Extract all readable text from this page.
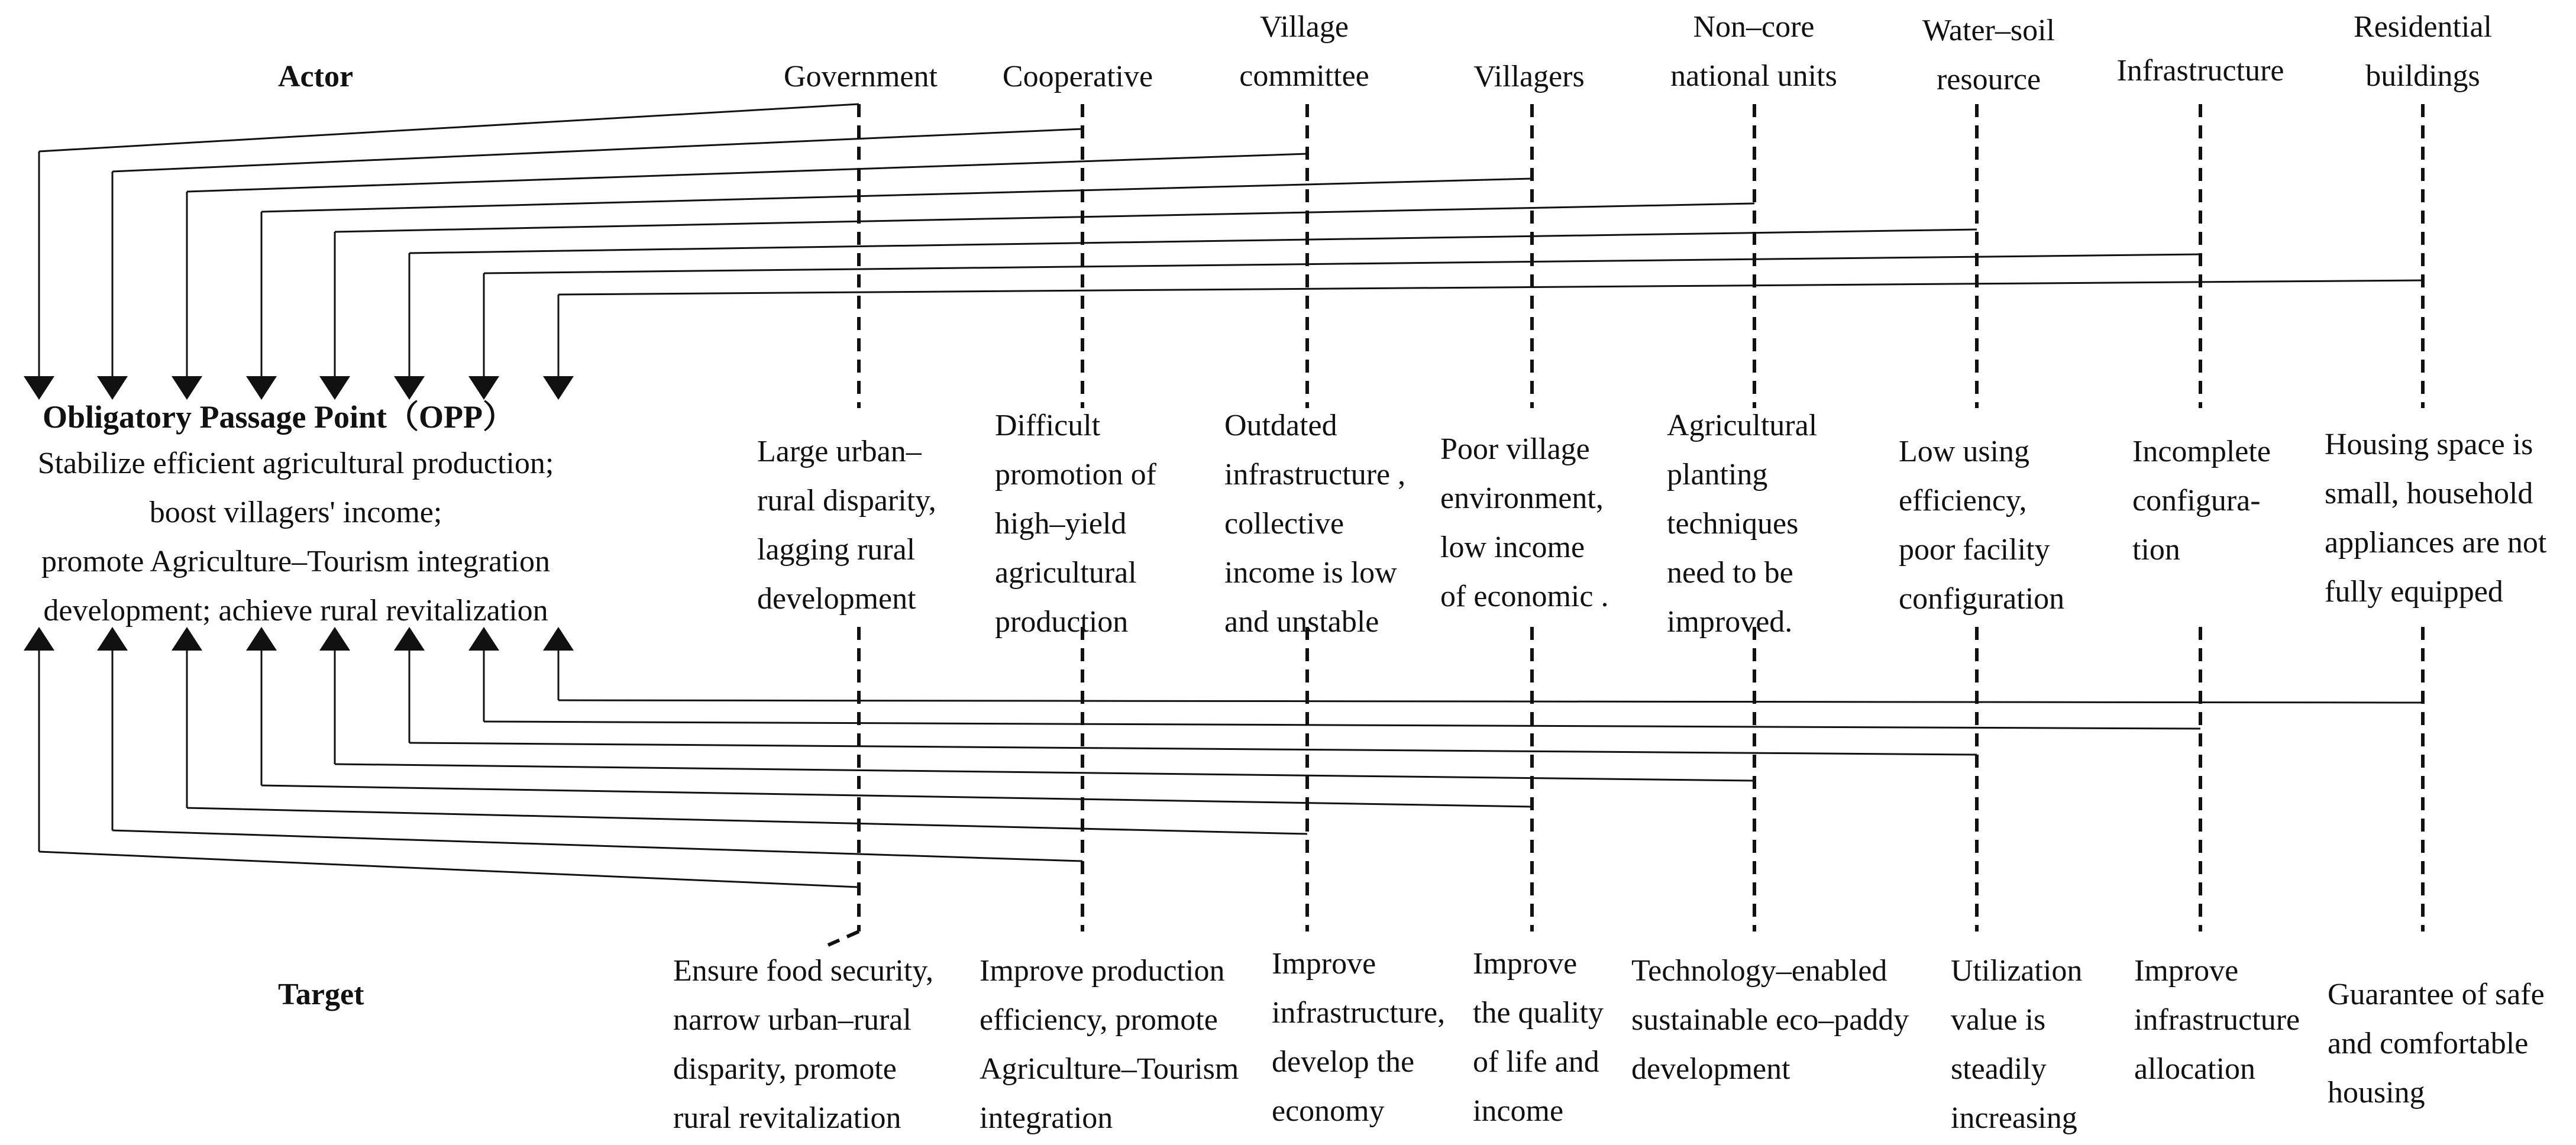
Actor
Target
Obligatory Passage Point（OPP）
Stabilize efficient agricultural production;
boost villagers' income;
promote Agriculture–Tourism integration
development; achieve rural revitalization
Government
Large urban–
rural disparity,
lagging rural
development
Ensure food security,
narrow urban–rural
disparity, promote
rural revitalization
Cooperative
Difficult
promotion of
high–yield
agricultural
production
Improve production
efficiency, promote
Agriculture–Tourism
integration
Village
committee
Outdated
infrastructure ,
collective
income is low
and unstable
Improve
infrastructure,
develop the
economy
Villagers
Poor village
environment,
low income
of economic .
Improve
the quality
of life and
income
Non–core
national units
Agricultural
planting
techniques
need to be
improved.
Technology–enabled
sustainable eco–paddy
development
Water–soil
resource
Low using
efficiency,
poor facility
configuration
Utilization
value is
steadily
increasing
Infrastructure
Incomplete
configura-
tion
Improve
infrastructure
allocation
Residential
buildings
Housing space is
small, household
appliances are not
fully equipped
Guarantee of safe
and comfortable
housing
